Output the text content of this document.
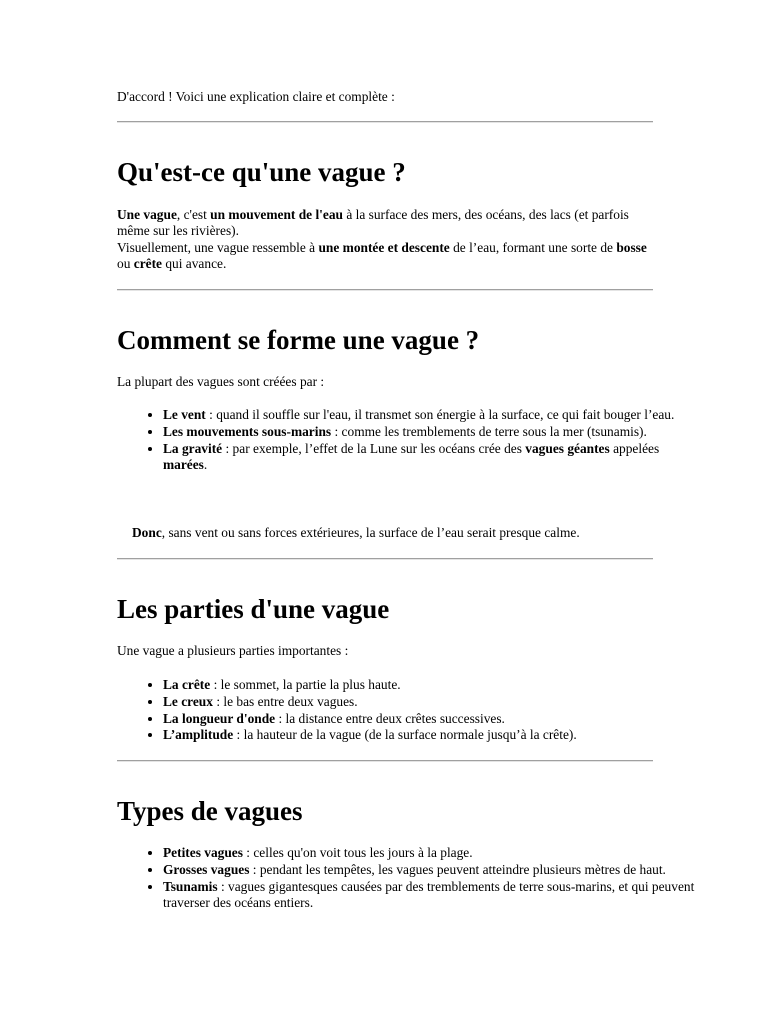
D'accord ! Voici une explication claire et complète :

Qu'est-ce qu'une vague ?

Une vague, c'est un mouvement de l'eau à la surface des mers, des océans, des lacs (et parfois même sur les rivières).

Visuellement, une vague ressemble à une montée et descente de l’eau, formant une sorte de bosse ou crête qui avance.

Comment se forme une vague ?

La plupart des vagues sont créées par :

• Le vent : quand il souffle sur l'eau, il transmet son énergie à la surface, ce qui fait bouger l’eau.
• Les mouvements sous-marins : comme les tremblements de terre sous la mer (tsunamis).
• La gravité : par exemple, l’effet de la Lune sur les océans crée des vagues géantes appelées marées.

Donc, sans vent ou sans forces extérieures, la surface de l’eau serait presque calme.

Les parties d'une vague

Une vague a plusieurs parties importantes :

• La crête : le sommet, la partie la plus haute.
• Le creux : le bas entre deux vagues.
• La longueur d'onde : la distance entre deux crêtes successives.
• L’amplitude : la hauteur de la vague (de la surface normale jusqu’à la crête).
Types de vagues
• Petites vagues : celles qu'on voit tous les jours à la plage.
• Grosses vagues : pendant les tempêtes, les vagues peuvent atteindre plusieurs mètres de haut.
• Tsunamis : vagues gigantesques causées par des tremblements de terre sous-marins, et qui peuvent traverser des océans entiers.
